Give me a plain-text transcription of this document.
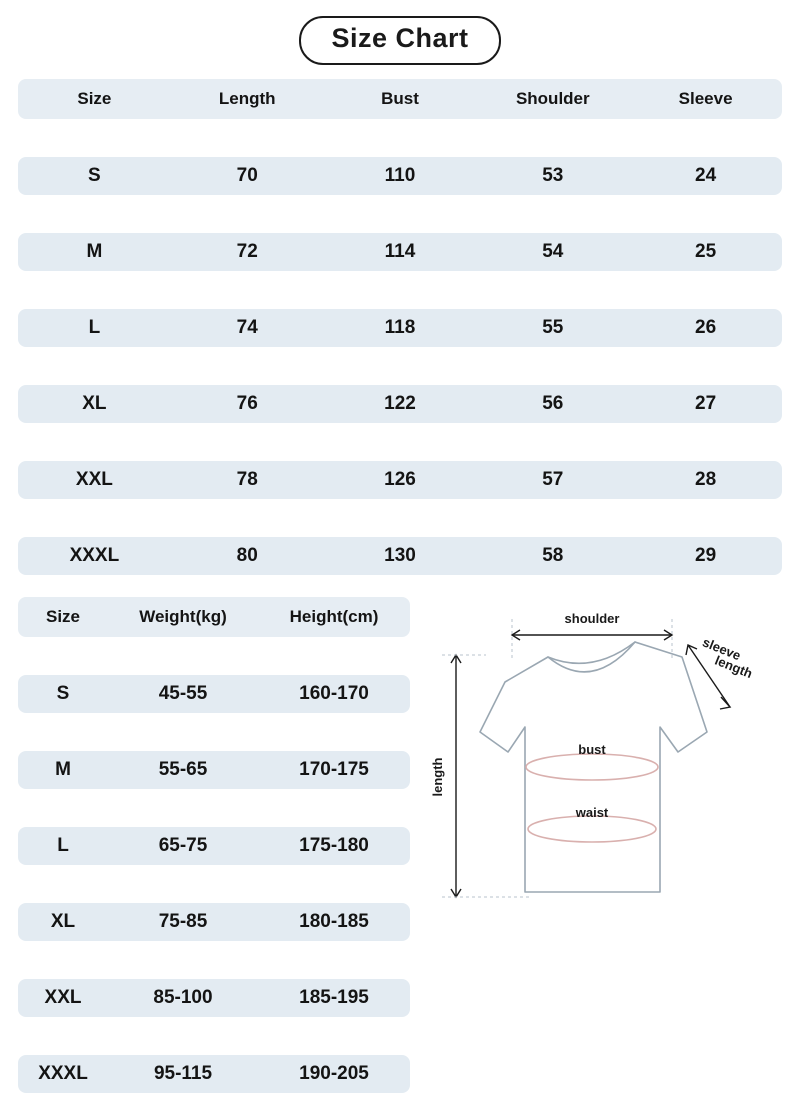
Size Chart
Size	Length	Bust	Shoulder	Sleeve

S	70	110	53	24

M	72	114	54	25

L	74	118	55	26

XL	76	122	56	27

XXL	78	126	57	28

XXXL	80	130	58	29
Size	Weight(kg)	Height(cm)

S	45-55	160-170

M	55-65	170-175

L	65-75	175-180

XL	75-85	180-185

XXL	85-100	185-195

XXXL	95-115	190-205
shoulder
sleeve
length
length
bust
waist
